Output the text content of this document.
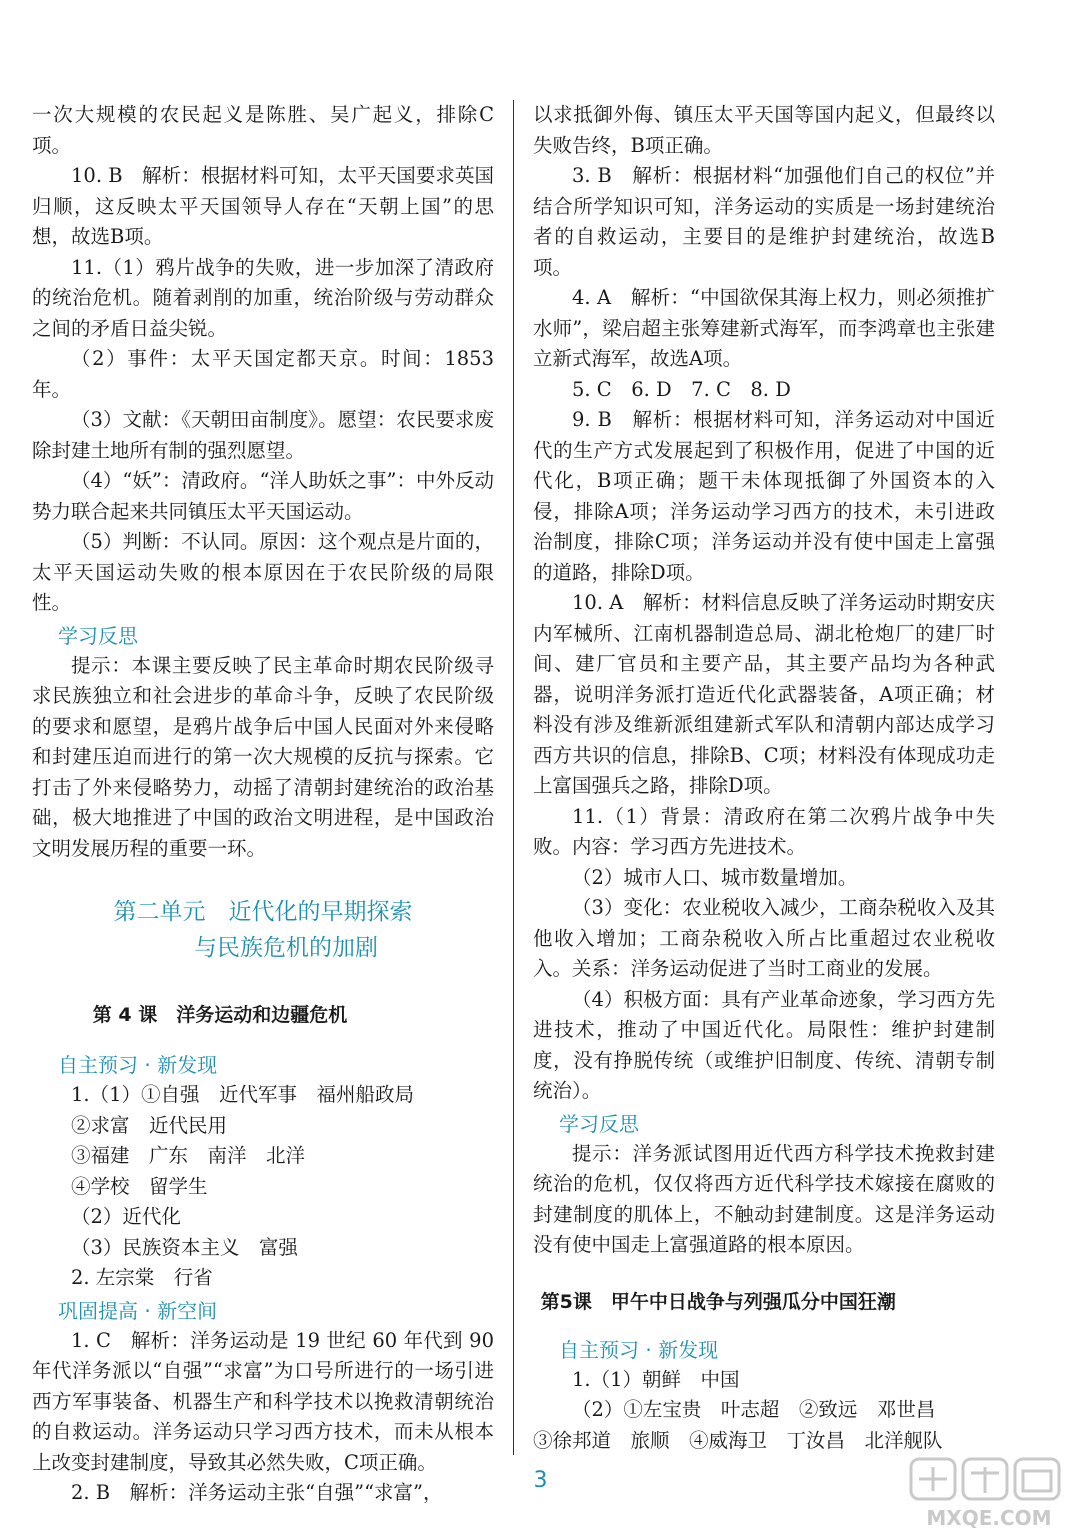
一次大规模的农民起义是陈胜、吴广起义，排除C项。

10. B　解析：根据材料可知，太平天国要求英国归顺，这反映太平天国领导人存在“天朝上国”的思想，故选B项。

11.（1）鸦片战争的失败，进一步加深了清政府的统治危机。随着剥削的加重，统治阶级与劳动群众之间的矛盾日益尖锐。

（2）事件：太平天国定都天京。时间：1853年。

（3）文献：《天朝田亩制度》。愿望：农民要求废除封建土地所有制的强烈愿望。

（4）“妖”：清政府。“洋人助妖之事”：中外反动势力联合起来共同镇压太平天国运动。

（5）判断：不认同。原因：这个观点是片面的，太平天国运动失败的根本原因在于农民阶级的局限性。

学习反思

提示：本课主要反映了民主革命时期农民阶级寻求民族独立和社会进步的革命斗争，反映了农民阶级的要求和愿望，是鸦片战争后中国人民面对外来侵略和封建压迫而进行的第一次大规模的反抗与探索。它打击了外来侵略势力，动摇了清朝封建统治的政治基础，极大地推进了中国的政治文明进程，是中国政治文明发展历程的重要一环。

第二单元　近代化的早期探索
与民族危机的加剧
第 4 课　洋务运动和边疆危机
自主预习 · 新发现

1.（1）①自强　近代军事　福州船政局

②求富　近代民用

③福建　广东　南洋　北洋

④学校　留学生

（2）近代化

（3）民族资本主义　富强

2. 左宗棠　行省

巩固提高 · 新空间

1. C　解析：洋务运动是 19 世纪 60 年代到 90 年代洋务派以“自强”“求富”为口号所进行的一场引进西方军事装备、机器生产和科学技术以挽救清朝统治的自救运动。洋务运动只学习西方技术，而未从根本上改变封建制度，导致其必然失败，C项正确。

2. B　解析：洋务运动主张“自强”“求富”，

以求抵御外侮、镇压太平天国等国内起义，但最终以失败告终，B项正确。

3. B　解析：根据材料“加强他们自己的权位”并结合所学知识可知，洋务运动的实质是一场封建统治者的自救运动，主要目的是维护封建统治，故选B项。

4. A　解析：“中国欲保其海上权力，则必须推扩水师”，梁启超主张筹建新式海军，而李鸿章也主张建立新式海军，故选A项。

5. C　6. D　7. C　8. D

9. B　解析：根据材料可知，洋务运动对中国近代的生产方式发展起到了积极作用，促进了中国的近代化，B项正确；题干未体现抵御了外国资本的入侵，排除A项；洋务运动学习西方的技术，未引进政治制度，排除C项；洋务运动并没有使中国走上富强的道路，排除D项。

10. A　解析：材料信息反映了洋务运动时期安庆内军械所、江南机器制造总局、湖北枪炮厂的建厂时间、建厂官员和主要产品，其主要产品均为各种武器，说明洋务派打造近代化武器装备，A项正确；材料没有涉及维新派组建新式军队和清朝内部达成学习西方共识的信息，排除B、C项；材料没有体现成功走上富国强兵之路，排除D项。

11.（1）背景：清政府在第二次鸦片战争中失败。内容：学习西方先进技术。

（2）城市人口、城市数量增加。

（3）变化：农业税收入减少，工商杂税收入及其他收入增加；工商杂税收入所占比重超过农业税收入。关系：洋务运动促进了当时工商业的发展。

（4）积极方面：具有产业革命迹象，学习西方先进技术，推动了中国近代化。局限性：维护封建制度，没有挣脱传统（或维护旧制度、传统、清朝专制统治）。

学习反思

提示：洋务派试图用近代西方科学技术挽救封建统治的危机，仅仅将西方近代科学技术嫁接在腐败的封建制度的肌体上，不触动封建制度。这是洋务运动没有使中国走上富强道路的根本原因。

第5课　甲午中日战争与列强瓜分中国狂潮
自主预习 · 新发现

1.（1）朝鲜　中国

（2）①左宝贵　叶志超　②致远　邓世昌

③徐邦道　旅顺　④威海卫　丁汝昌　北洋舰队

3
MXQE.COM
